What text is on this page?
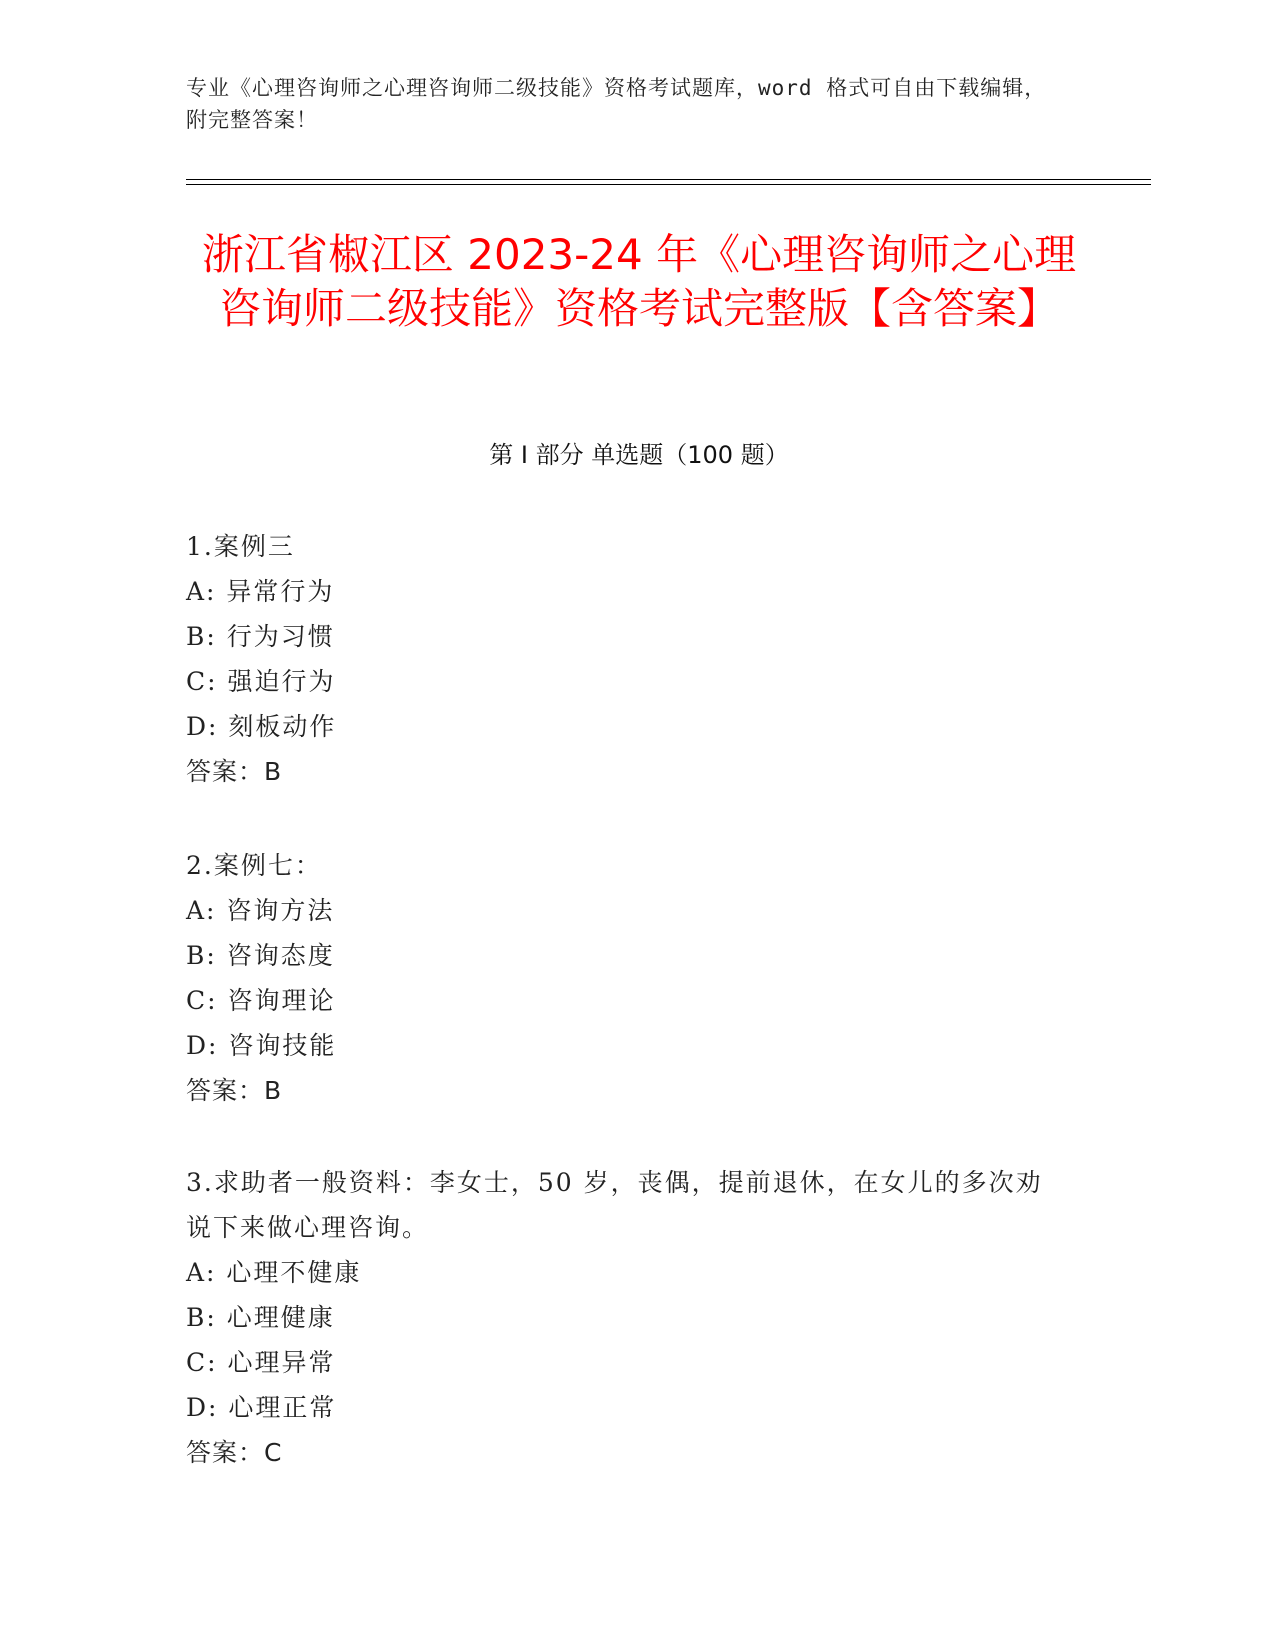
专业《心理咨询师之心理咨询师二级技能》资格考试题库，word 格式可自由下载编辑，附完整答案！
浙江省椒江区 2023-24 年《心理咨询师之心理咨询师二级技能》资格考试完整版【含答案】
第 I 部分 单选题（100 题）
1.案例三
A: 异常行为
B: 行为习惯
C: 强迫行为
D: 刻板动作
答案：B
2.案例七：
A: 咨询方法
B: 咨询态度
C: 咨询理论
D: 咨询技能
答案：B
3.求助者一般资料：李女士，50 岁，丧偶，提前退休，在女儿的多次劝说下来做心理咨询。
A: 心理不健康
B: 心理健康
C: 心理异常
D: 心理正常
答案：C
